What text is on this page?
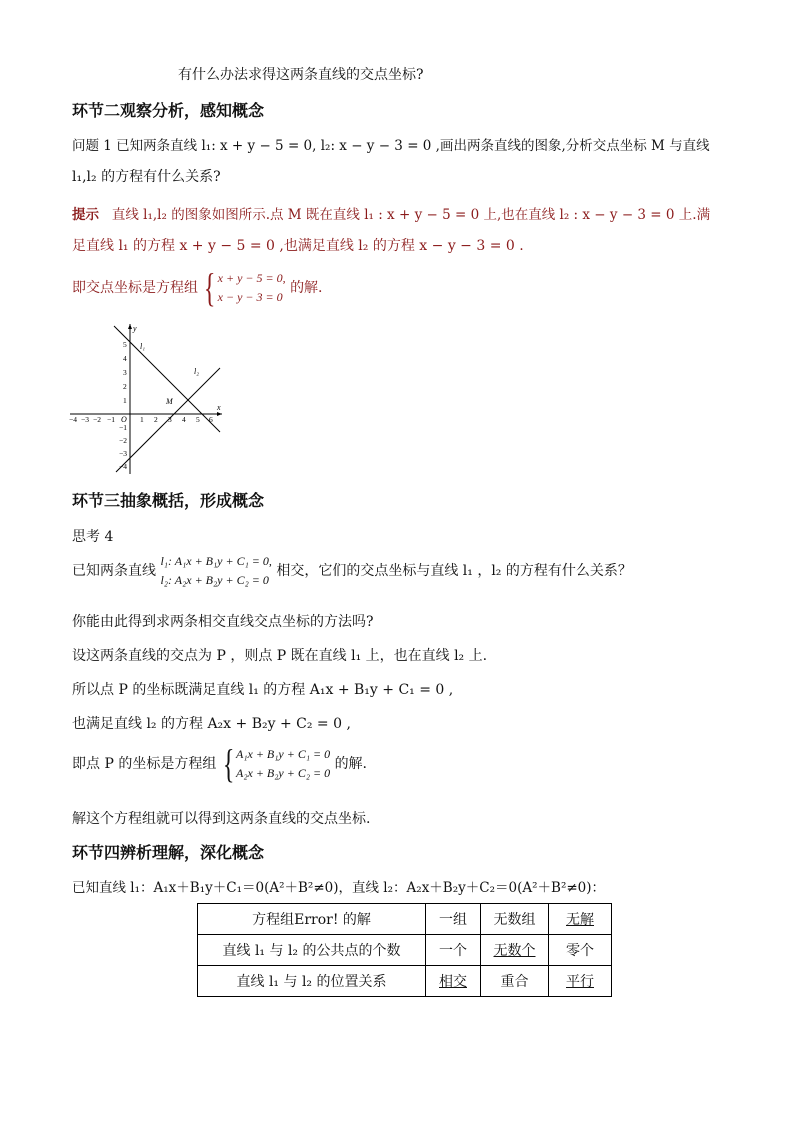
有什么办法求得这两条直线的交点坐标?
环节二观察分析，感知概念
问题 1 已知两条直线 l₁: x + y − 5 = 0, l₂: x − y − 3 = 0 ,画出两条直线的图象,分析交点坐标 M 与直线
l₁,l₂ 的方程有什么关系?
提示 直线 l₁,l₂ 的图象如图所示.点 M 既在直线 l₁ : x + y − 5 = 0 上,也在直线 l₂ : x − y − 3 = 0 上.满
足直线 l₁ 的方程 x + y − 5 = 0 ,也满足直线 l₂ 的方程 x − y − 3 = 0 .
即交点坐标是方程组 { x + y − 5 = 0,
x − y − 3 = 0
的解.
x
y
l₁
l₂
M
O
−4 −3 −2 −1	1 2 3 4 5 6
5
4
3
2
1
−1
−2
−3
−4
环节三抽象概括，形成概念
思考 4
已知两条直线
l₁: A₁x + B₁y + C₁ = 0,
l₂: A₂x + B₂y + C₂ = 0
相交，它们的交点坐标与直线 l₁ ，l₂ 的方程有什么关系？
你能由此得到求两条相交直线交点坐标的方法吗?
设这两条直线的交点为 P ，则点 P 既在直线 l₁ 上，也在直线 l₂ 上.
所以点 P 的坐标既满足直线 l₁ 的方程 A₁x + B₁y + C₁ = 0 ,
也满足直线 l₂ 的方程 A₂x + B₂y + C₂ = 0 ,
即点 P 的坐标是方程组 { A₁x + B₁y + C₁ = 0
A₂x + B₂y + C₂ = 0
的解.
解这个方程组就可以得到这两条直线的交点坐标.
环节四辨析理解，深化概念
已知直线 l₁：A₁x＋B₁y＋C₁＝0(A²＋B²≠0)，直线 l₂：A₂x＋B₂y＋C₂＝0(A²＋B²≠0)：
方程组Error! 的解	一组	无数组	无解
直线 l₁ 与 l₂ 的公共点的个数	一个	无数个	零个
直线 l₁ 与 l₂ 的位置关系	相交	重合	平行
